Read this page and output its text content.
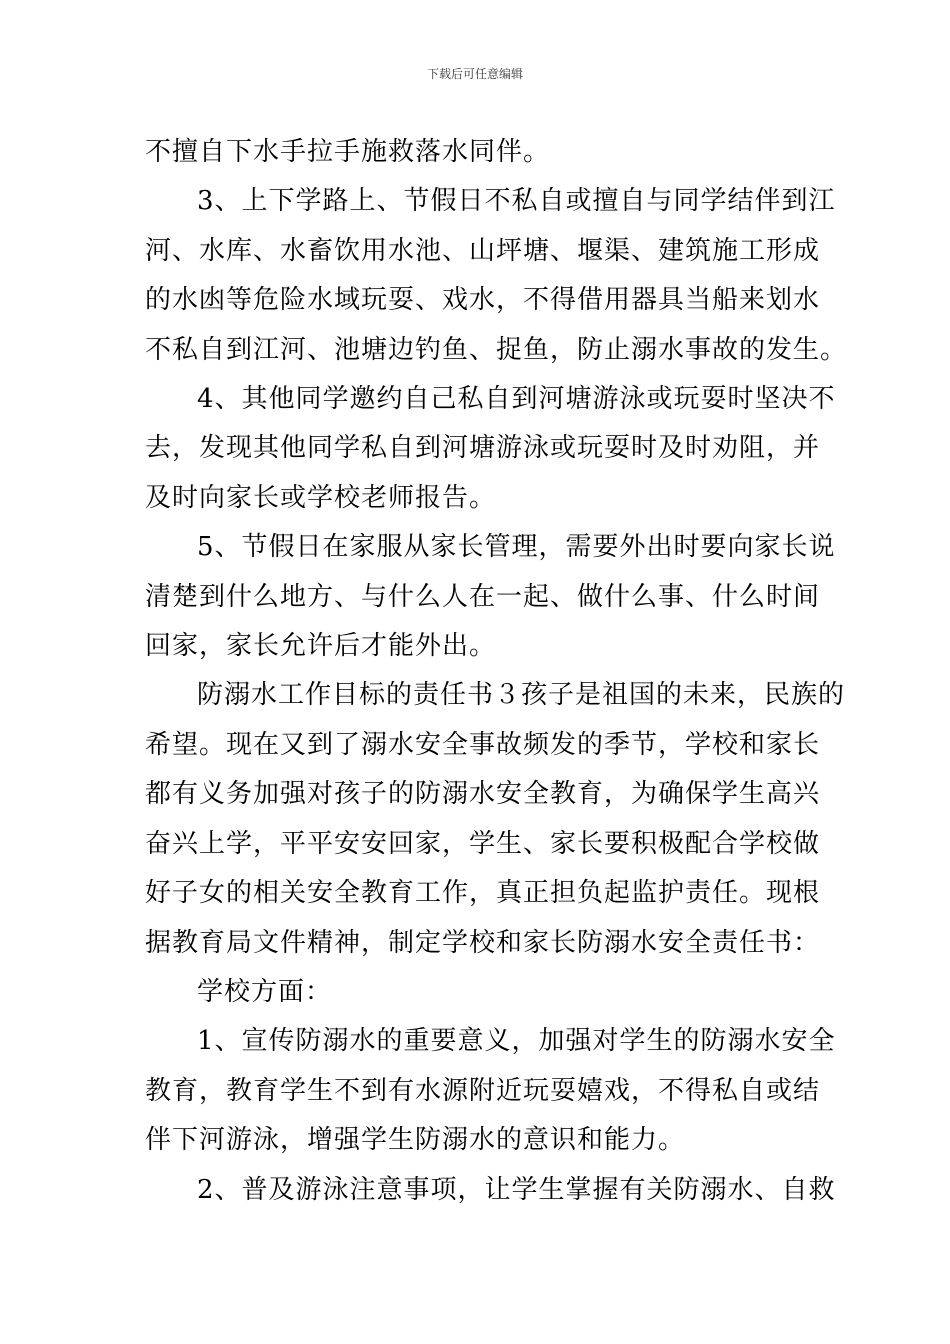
下载后可任意编辑

不擅自下水手拉手施救落水同伴。

3、上下学路上、节假日不私自或擅自与同学结伴到江
河、水库、水畜饮用水池、山坪塘、堰渠、建筑施工形成
的水凼等危险水域玩耍、戏水，不得借用器具当船来划水
不私自到江河、池塘边钓鱼、捉鱼，防止溺水事故的发生。

4、其他同学邀约自己私自到河塘游泳或玩耍时坚决不
去，发现其他同学私自到河塘游泳或玩耍时及时劝阻，并
及时向家长或学校老师报告。

5、节假日在家服从家长管理，需要外出时要向家长说
清楚到什么地方、与什么人在一起、做什么事、什么时间
回家，家长允许后才能外出。

防溺水工作目标的责任书３孩子是祖国的未来，民族的
希望。现在又到了溺水安全事故频发的季节，学校和家长
都有义务加强对孩子的防溺水安全教育，为确保学生高兴
奋兴上学，平平安安回家，学生、家长要积极配合学校做
好子女的相关安全教育工作，真正担负起监护责任。现根
据教育局文件精神，制定学校和家长防溺水安全责任书：

学校方面：

1、宣传防溺水的重要意义，加强对学生的防溺水安全
教育，教育学生不到有水源附近玩耍嬉戏，不得私自或结
伴下河游泳，增强学生防溺水的意识和能力。

2、普及游泳注意事项，让学生掌握有关防溺水、自救
